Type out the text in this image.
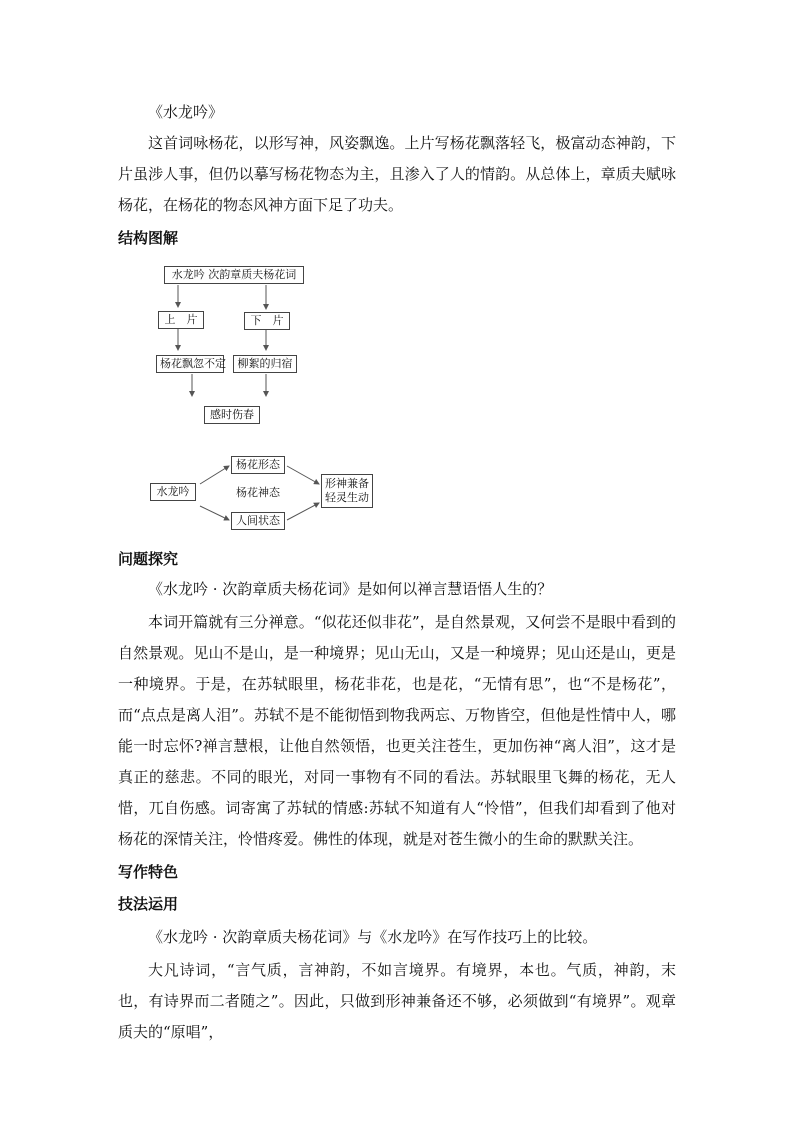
《水龙吟》

这首词咏杨花，以形写神，风姿飘逸。上片写杨花飘落轻飞，极富动态神韵，下片虽涉人事，但仍以摹写杨花物态为主，且渗入了人的情韵。从总体上，章质夫赋咏杨花，在杨花的物态风神方面下足了功夫。

结构图解

水龙吟 次韵章质夫杨花词
上　片	下　片
杨花飘忽不定	柳絮的归宿
感时伤春
水龙吟
杨花形态
杨花神态
人间状态
形神兼备
轻灵生动

问题探究

《水龙吟 · 次韵章质夫杨花词》是如何以禅言慧语悟人生的？

本词开篇就有三分禅意。“似花还似非花”，是自然景观，又何尝不是眼中看到的自然景观。见山不是山，是一种境界；见山无山，又是一种境界；见山还是山，更是一种境界。于是，在苏轼眼里，杨花非花，也是花，“无情有思”，也“不是杨花”，而“点点是离人泪”。苏轼不是不能彻悟到物我两忘、万物皆空，但他是性情中人，哪能一时忘怀?禅言慧根，让他自然领悟，也更关注苍生，更加伤神“离人泪”，这才是真正的慈悲。不同的眼光，对同一事物有不同的看法。苏轼眼里飞舞的杨花，无人惜，兀自伤感。词寄寓了苏轼的情感:苏轼不知道有人“怜惜”，但我们却看到了他对杨花的深情关注，怜惜疼爱。佛性的体现，就是对苍生微小的生命的默默关注。

写作特色

技法运用

《水龙吟 · 次韵章质夫杨花词》与《水龙吟》在写作技巧上的比较。

大凡诗词，“言气质，言神韵，不如言境界。有境界，本也。气质，神韵，末也，有诗界而二者随之”。因此，只做到形神兼备还不够，必须做到“有境界”。观章质夫的“原唱”，
